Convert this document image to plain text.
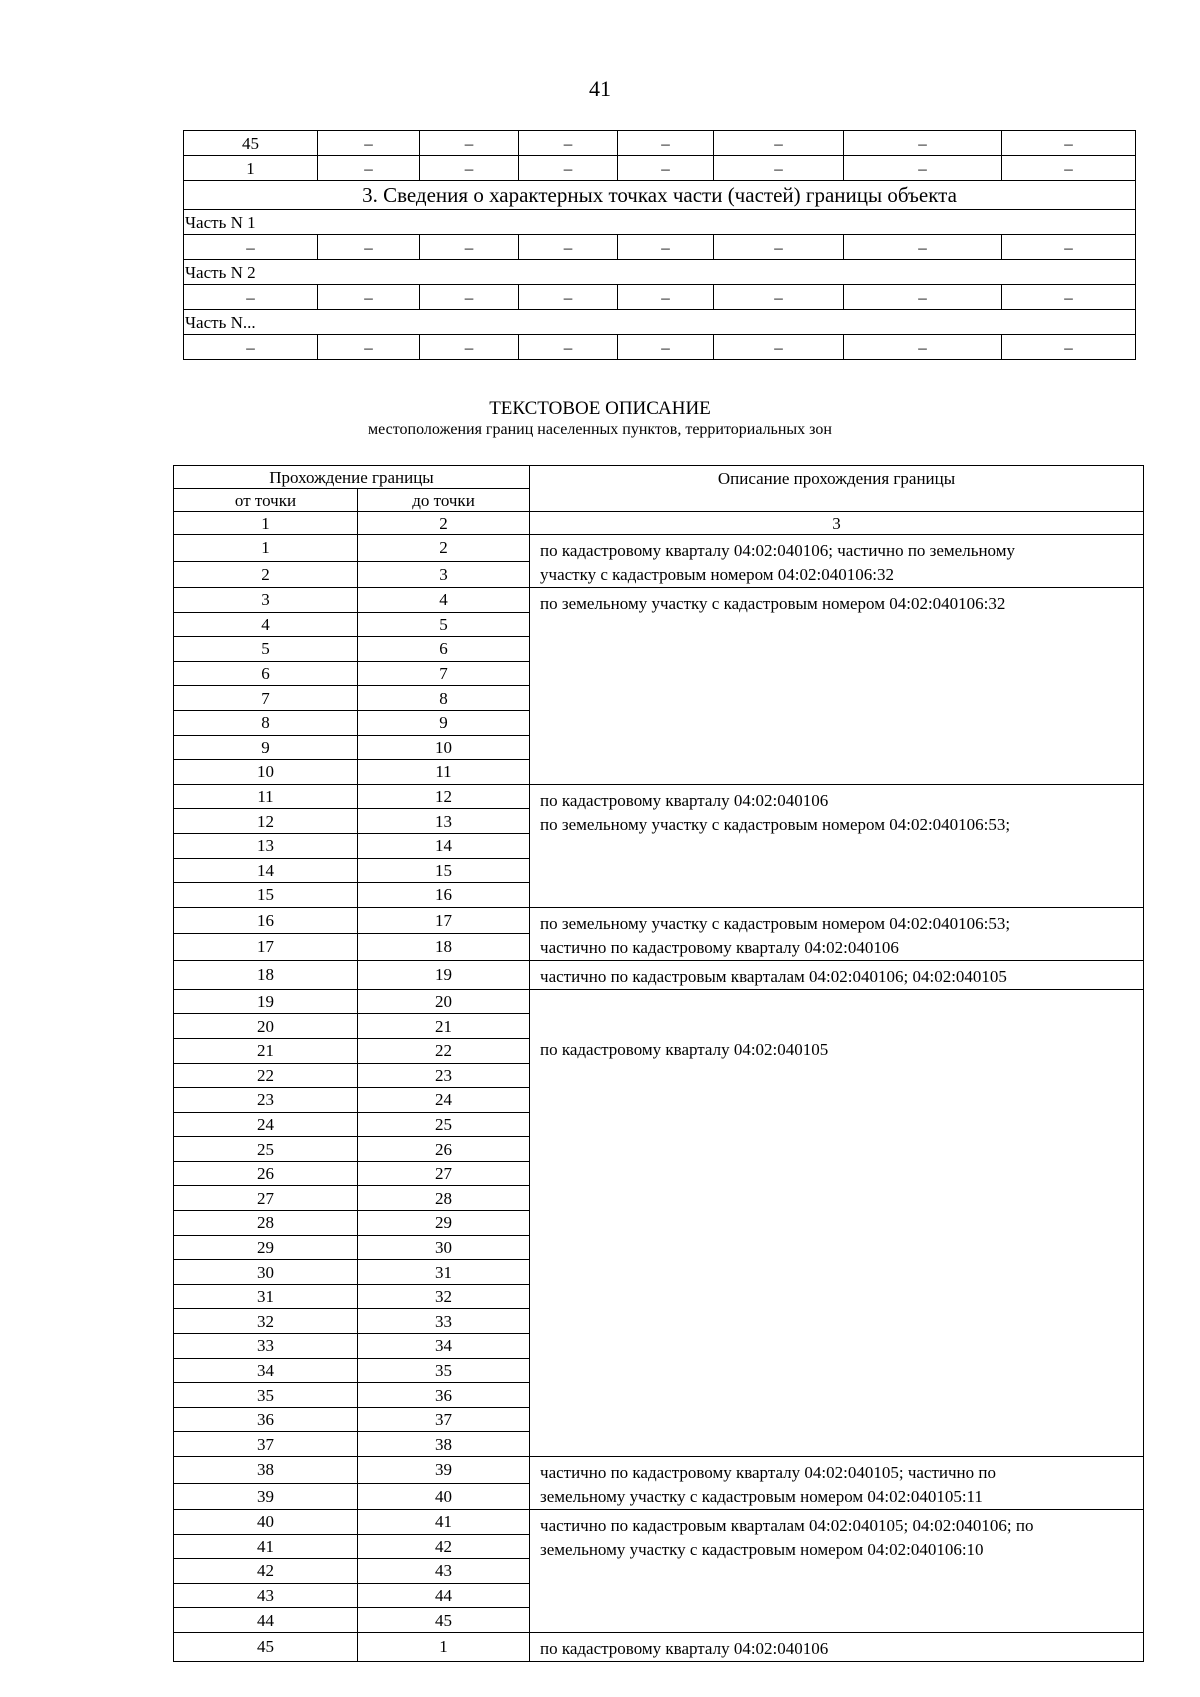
41
45	–	–	–	–	–	–	–
1	–	–	–	–	–	–	–
3. Сведения о характерных точках части (частей) границы объекта							
Часть N 1							
–	–	–	–	–	–	–	–
Часть N 2							
–	–	–	–	–	–	–	–
Часть N...							
–	–	–	–	–	–	–	–
ТЕКСТОВОЕ ОПИСАНИЕ
местоположения границ населенных пунктов, территориальных зон
Прохождение границы		Описание прохождения границы
от точки	до точки	
1	2	3
1	2	по кадастровому кварталу 04:02:040106; частично по земельному
участку с кадастровым номером 04:02:040106:32

2	3	
3	4	по земельному участку с кадастровым номером 04:02:040106:32

4	5	
5	6	
6	7	
7	8	
8	9	
9	10	
10	11	
11	12	по кадастровому кварталу 04:02:040106
по земельному участку с кадастровым номером 04:02:040106:53;

12	13	
13	14	
14	15	
15	16	
16	17	по земельному участку с кадастровым номером 04:02:040106:53;
частично по кадастровому кварталу 04:02:040106

17	18	
18	19	частично по кадастровым кварталам 04:02:040106; 04:02:040105

19	20	по кадастровому кварталу 04:02:040105

20	21	
21	22	
22	23	
23	24	
24	25	
25	26	
26	27	
27	28	
28	29	
29	30	
30	31	
31	32	
32	33	
33	34	
34	35	
35	36	
36	37	
37	38	
38	39	частично по кадастровому кварталу 04:02:040105; частично по
земельному участку с кадастровым номером 04:02:040105:11

39	40	
40	41	частично по кадастровым кварталам 04:02:040105; 04:02:040106; по
земельному участку с кадастровым номером 04:02:040106:10

41	42	
42	43	
43	44	
44	45	
45	1	по кадастровому кварталу 04:02:040106
